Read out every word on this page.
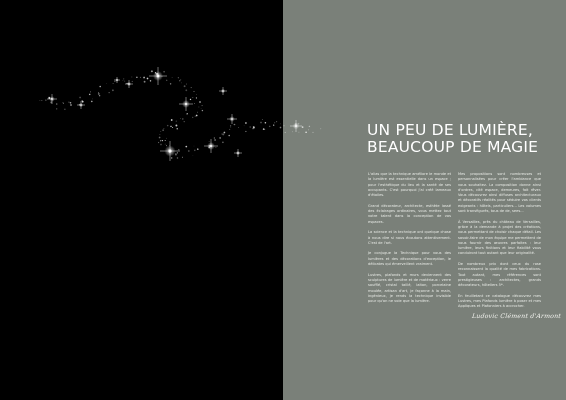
UN PEU DE LUMIÈRE,
BEAUCOUP DE MAGIE

L'alias que la technique améliore le monde et la lumière est essentielle dans un espace ; pour l'esthétique du lieu et la santé de ses occupants. C'est pourquoi j'ai créé lameaux d'étoiles.

Grand décorateur, architecte, esthète lassé des éclairages ordinaires, vous mettez tout votre talent dans la conception de vos espaces.

La science et la technique ont quelque chose à nous dire si nous écoutons attentivement. C'est de l'art.

Je conjugue la Technique pour vous des lumières et des décorations d'exception, le délicates qui émerveillent vraiment.

Lustres, plafonds et murs deviennent des sculptures de lumière et de matériaux : verre soufflé, cristal taillé, laiton, porcelaine moulée, artisan d'art, je façonne à la main, ingénieux, je rends la technique invisible pour qu'on ne voie que la lumière.

Mes propositions sont nombreuses et personnalisées pour créer l'ambiance que vous souhaitez. La composition donne ainsi d'ordres, cité espace, demeures, fait rêver. Vous découvrez ainsi diffuses architecturaux et décoratifs réalités pour séduire vos clients exigeants : hôtels, particuliers... Les volumes sont transfigurés, tous de de, sees...

À Versailles, près du château de Versailles, grâce à la demande à projet des créations, vous permettant de choisir chaque détail. Les savoir-faire de mon équipe me permettent de vous fournir des œuvres parfaites : leur lumière, leurs finitions et leur fiabilité vous conduiront tout autant que leur originalité.

De nombreux prix dont ceux du rose reconnaissent la qualité de mes fabrications. Tout autant, mes références sont prestigieuses : architectes, grands décorateurs, hôteliers 5*.

En feuilletant ce catalogue découvrez mes Lustres, mes Plafonds lumière à poser et mes Appliques et Plafonniers à accrocher.

Ludovic Clément d'Armont
